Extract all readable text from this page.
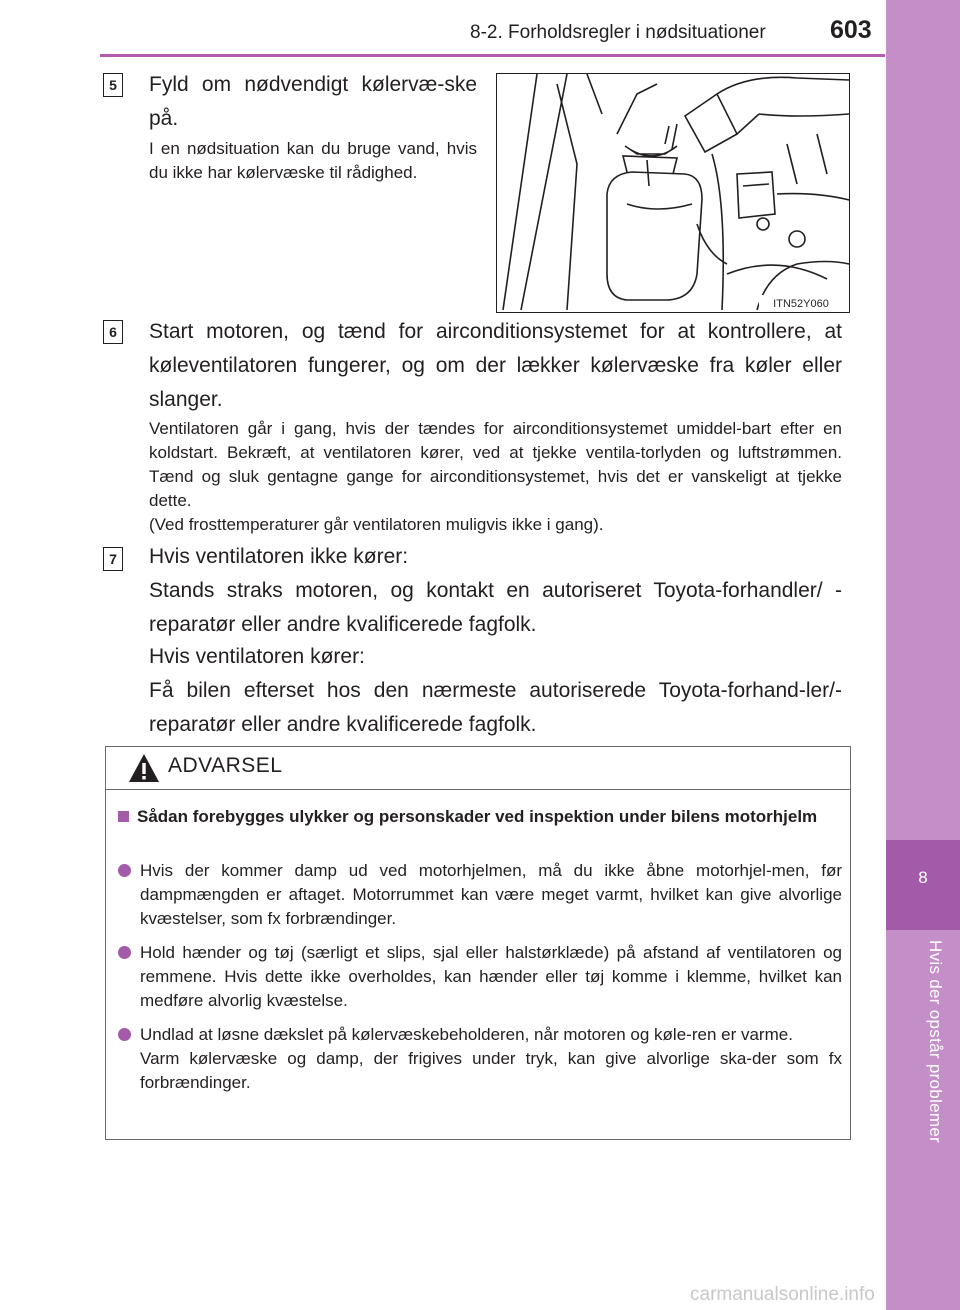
8-2. Forholdsregler i nødsituationer	603
8
Hvis der opstår problemer
5 Fyld om nødvendigt kølervæ-ske på.
I en nødsituation kan du bruge vand, hvis du ikke har kølervæske til rådighed.
ITN52Y060
6 Start motoren, og tænd for airconditionsystemet for at kontrollere, at køleventilatoren fungerer, og om der lækker kølervæske fra køler eller slanger.
Ventilatoren går i gang, hvis der tændes for airconditionsystemet umiddel-bart efter en koldstart. Bekræft, at ventilatoren kører, ved at tjekke ventila-torlyden og luftstrømmen. Tænd og sluk gentagne gange for airconditionsystemet, hvis det er vanskeligt at tjekke dette.
(Ved frosttemperaturer går ventilatoren muligvis ikke i gang).
7 Hvis ventilatoren ikke kører:
Stands straks motoren, og kontakt en autoriseret Toyota-forhandler/ -reparatør eller andre kvalificerede fagfolk.
Hvis ventilatoren kører:
Få bilen efterset hos den nærmeste autoriserede Toyota-forhand-ler/-reparatør eller andre kvalificerede fagfolk.
ADVARSEL
Sådan forebygges ulykker og personskader ved inspektion under bilens motorhjelm
Hvis der kommer damp ud ved motorhjelmen, må du ikke åbne motorhjel-men, før dampmængden er aftaget. Motorrummet kan være meget varmt, hvilket kan give alvorlige kvæstelser, som fx forbrændinger.
Hold hænder og tøj (særligt et slips, sjal eller halstørklæde) på afstand af ventilatoren og remmene. Hvis dette ikke overholdes, kan hænder eller tøj komme i klemme, hvilket kan medføre alvorlig kvæstelse.
Undlad at løsne dækslet på kølervæskebeholderen, når motoren og køle-ren er varme.
Varm kølervæske og damp, der frigives under tryk, kan give alvorlige ska-der som fx forbrændinger.
carmanualsonline.info
